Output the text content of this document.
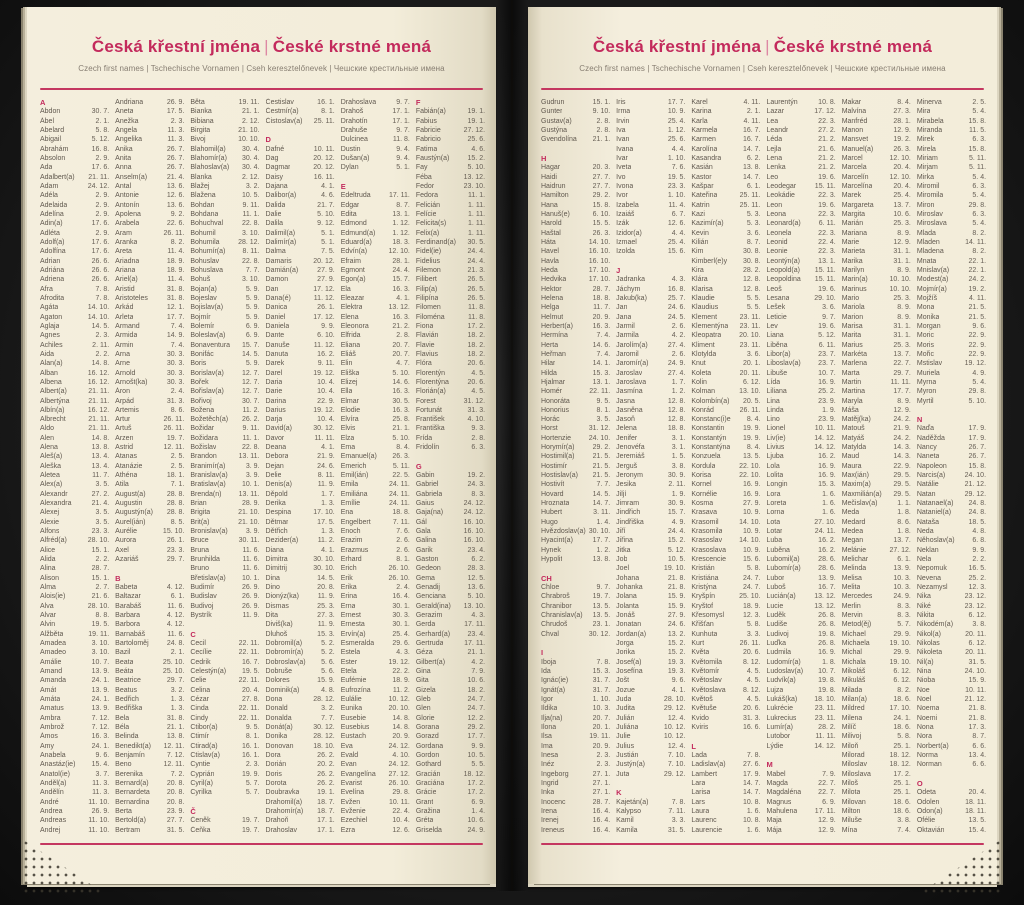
Česká křestní jména | České krstné mená
Czech first names | Tschechische Vornamen | Cseh keresztelőnevek | Чешские крестильные имена
A
Abdon	30. 7.
Ábel	2. 1.
Abelard	5. 8.
Abigail	5. 12.
Abrahám	16. 8.
Absolon	2. 9.
Ada	17. 6.
Adalbert(a) 21. 11.
Adam	24. 12.
Adéla	2. 9.
Adelaida	2. 9.
Adelína	2. 9.
Adin(a)	17. 6.
Adléta	2. 9.
Adolf(a)	17. 6.
Adolfína	17. 6.
Adrian	26. 6.
Adriána	26. 6.
Adriena	26. 6.
Afra	7. 8.
Afrodita	7. 8.
Agáta	14. 10.
Agaton	14. 10.
Aglaja	14. 5.
Agnes	2. 3.
Achiles	2. 11.
Aida	2. 2.
Alan(a)	14. 8.
Alban	16. 12.
Albena	16. 12.
Albert(a)	21. 11.
Albertýna	21. 11.
Albín(a)	16. 12.
Albrecht	21. 11.
Aldo	21. 11.
Alen	14. 8.
Alena	13. 8.
Aleš(a)	13. 4.
Aleška	13. 4.
Aletea	11. 7.
Alex(a)	3. 5.
Alexandr	27. 2.
Alexandra	21. 4.
Alexej	3. 5.
Alexie	3. 5.
Alfons	23. 3.
Alfréd(a)	28. 10.
Alice	15. 1.
Alida	2. 2.
Alina	28. 7.
Alison	15. 1.
Alma	2. 7.
Alois(ie)	21. 6.
Alva	28. 10.
Alvar	8. 8.
Alvin	19. 5.
Alžběta	19. 11.
Amadea	3. 10.
Amadeo	3. 10.
Amálie	10. 7.
Amand	13. 9.
Amanda	24. 1.
Amát	13. 9.
Amáta	24. 1.
Amatus	13. 9.
Ambra	7. 12.
Ambrož	7. 12.
Ámos	16. 3.
Amy	24. 1.
Anabela	9. 6.
Anastáz(ie) 15. 4.
Anatol(ie)	3. 7.
Anděl(a)	11. 3.
Andělín	11. 3.
André	11. 10.
Andrea	26. 9.
Andreas	11. 10.
Andrej	11. 10.
Andriana	26. 9.
Aneta	17. 5.
Anežka	2. 3.
Angela	11. 3.
Angelika	11. 3.
Anika	26. 7.
Anita	26. 7.
Anna	26. 7.
Anselm(a)	21. 4.
Antal	13. 6.
Antonie	12. 6.
Antonín	13. 6.
Apolena	9. 2.
Arabela	22. 6.
Aram	26. 11.
Aranka	8. 2.
Areta	11. 4.
Ariadna	18. 9.
Ariana	18. 9.
Ariel(a)	11. 4.
Aristid	31. 8.
Aristoteles	31. 8.
Arkád	12. 1.
Arleta	17. 7.
Armand	7. 4.
Armida	14. 9.
Armin	7. 4.
Arna	30. 3.
Arne	30. 3.
Arnold	30. 3.
Arnošt(ka)	30. 3.
Áron	2. 4.
Arpád	31. 3.
Artemis	8. 6.
Artur	26. 11.
Artuš	26. 11.
Arzen	19. 7.
Astrid	12. 11.
Atanas	2. 5.
Atanázie	2. 5.
Athéna	18. 1.
Atila	7. 1.
August(a)	28. 8.
Augustin	28. 8.
Augustýn(a) 28. 8.
Aurel(ián)	8. 5.
Aurélie	15. 10.
Aurora	26. 1.
Axel	23. 3.
Azariáš	29. 7.
B
Babeta	4. 12.
Baltazar	6. 1.
Barabáš	11. 6.
Barbara	4. 12.
Barbora	4. 12.
Barnabáš	11. 6.
Bartoloměj	24. 8.
Bazil	2. 1.
Beata	25. 10.
Beáta	25. 10.
Beatrice	29. 7.
Beatus	3. 2.
Bedřich	1. 3.
Bedřiška	1. 3.
Bela	31. 8.
Béla	21. 1.
Belinda	13. 8.
Benedikt(a) 12. 11.
Benjamín	7. 12.
Beno	12. 11.
Berenika	7. 2.
Bernard(a)	20. 8.
Bernardeta 20. 8.
Bernardina 20. 8.
Berta	23. 9.
Bertold(a)	27. 7.
Bertram	31. 5.
Běta	19. 11.
Bianka	21. 1.
Bibiana	2. 12.
Birgita	21. 10.
Bivoj	10. 10.
Blahomil(a) 30. 4.
Blahomír(a) 30. 4.
Blahoslav(a) 30. 4.
Blanka	2. 12.
Blažej	3. 2.
Blažena	10. 5.
Bohdan	9. 11.
Bohdana	11. 1.
Bohuchval	22. 8.
Bohumil	3. 10.
Bohumila	28. 12.
Bohumír(a) 8. 11.
Bohuslav	22. 8.
Bohuslava	7. 7.
Bohuš	3. 10.
Bojan(a)	5. 9.
Bojeslav	5. 9.
Bojislav(a)	5. 9.
Bojmír	5. 9.
Bolemír	6. 9.
Boleslav(a)	6. 9.
Bonaventura 15. 7.
Bonifác	14. 5.
Boris	5. 9.
Borislav(a)	12. 7.
Bořek	12. 7.
Bořislav(a)	12. 7.
Bořivoj	30. 7.
Božena	11. 2.
Božetěch(a) 26. 2.
Božidar	9. 11.
Božidara	11. 1.
Božislav	22. 8.
Brandon	13. 11.
Branimír(a)	3. 9.
Branislav(a)	3. 9.
Bratislav(a) 10. 1.
Brenda(n) 13. 11.
Brian	28. 9.
Brigita	21. 10.
Brit(a)	21. 10.
Bronislav(a)	3. 9.
Bruce	30. 11.
Bruna	11. 6.
Brunhilda	11. 6.
Bruno	11. 6.
Břetislav(a) 10. 1.
Budimír	26. 9.
Budislav	26. 9.
Budivoj	26. 9.
Bystrík	11. 9.
C
Cecil	22. 11.
Cecílie	22. 11.
Cedrik	16. 7.
Celestýn(a) 19. 5.
Celie	22. 11.
Celina	20. 4.
Cézar	27. 8.
Cinda	22. 11.
Cindy	22. 11.
Ctibor(a)	9. 5.
Ctimír	8. 1.
Ctirad(a)	16. 1.
Ctislav(a)	16. 1.
Cyntie	2. 3.
Cyprián	19. 9.
Cyril(a)	5. 7.
Cyrilka	5. 7.
Č
Čeněk	19. 7.
Čeňka	19. 7.
Čestislav	16. 1.
Čestmír(a)	8. 1.
Čistoslav(a) 25. 11.
D
Dafné	10. 11.
Dag	20. 12.
Dagmar	20. 12.
Daisy	16. 11.
Dajana	4. 1.
Dalibor(a)	4. 6.
Dalida	21. 7.
Dalie	5. 10.
Dalila	9. 12.
Dalimil(a)	5. 1.
Dalimír(a)	5. 1.
Dalma	7. 5.
Damaris	20. 12.
Damián(a)	27. 9.
Damon	27. 9.
Dan	17. 12.
Dana(é)	11. 12.
Danica	26. 1.
Daniel	17. 12.
Daniela	9. 9.
Dante	6. 10.
Danuše	11. 12.
Danuta	16. 2.
Darek	9. 11.
Darel	19. 12.
Daria	10. 4.
Darie	10. 4.
Darina	22. 9.
Darius	19. 12.
Darja	10. 4.
David(a)	30. 12.
Davor	11. 11.
Deana	4. 1.
Debora	21. 9.
Dejan	24. 6.
Delie	8. 11.
Denis(a)	11. 9.
Děpold	1. 7.
Derika	1. 3.
Despina	17. 10.
Dětmar	17. 5.
Dětřich	1. 3.
Dezider(a)	11. 2.
Diana	4. 1.
Dimitra	30. 10.
Dimitrij	30. 10.
Dina	14. 5.
Dino	20. 8.
Dionýz(ka)	11. 9.
Dismas	25. 3.
Dita	27. 3.
Diviš(ka)	11. 9.
Dluhoš	15. 3.
Dobromil(a)	5. 2.
Dobromír(a)	5. 2.
Dobroslav(a) 5. 6.
Dobruše	5. 6.
Dolores	15. 9.
Dominik(a)	4. 8.
Dona	28. 12.
Donald	3. 2.
Donalda	7. 7.
Donát(a)	30. 12.
Donika	28. 12.
Donovan	18. 10.
Dora	26. 2.
Dorián	20. 2.
Doris	26. 2.
Dorota	26. 2.
Doubravka	19. 1.
Drahomil(a) 18. 7.
Drahomír(a) 18. 7.
Drahoň	17. 1.
Drahoslav	17. 1.
Drahoslava	9. 7.
Drahoš	17. 1.
Drahotín	17. 1.
Drahuše	9. 7.
Dulcinea	11. 8.
Dustin	9. 4.
Dušan(a)	9. 4.
Dylan	5. 1.
E
Edeltruda	17. 11.
Edgar	8. 7.
Edita	13. 1.
Edmond	1. 12.
Edmund(a) 1. 12.
Eduard(a)	18. 3.
Edvín(a)	12. 10.
Efraim	28. 1.
Egmont	24. 4.
Egon(a)	15. 7.
Ela	16. 3.
Eleazar	4. 1.
Elektra	13. 12.
Elena	16. 3.
Eleonora	21. 2.
Elfrida	2. 8.
Eliana	20. 7.
Eliáš	20. 7.
Elin	4. 7.
Eliška	5. 10.
Elizej	14. 6.
Ella	16. 3.
Elmar	30. 5.
Elodie	16. 3.
Elvíra	25. 8.
Elvis	21. 1.
Elza	5. 10.
Ema	8. 4.
Emanuel(a) 26. 3.
Emerich	5. 11.
Emil(ián)	22. 5.
Emila	24. 11.
Emiliána	24. 11.
Emílie	24. 11.
Ena	18. 8.
Engelbert	7. 11.
Enoch	7. 6.
Erazim	2. 6.
Erazmus	2. 6.
Erhard	8. 1.
Erich	26. 10.
Erik	26. 10.
Erika	2. 4.
Erina	16. 4.
Erna	30. 1.
Ernest	30. 3.
Ernesta	30. 1.
Ervín(a)	25. 4.
Esmeralda	29. 6.
Estela	4. 3.
Ester	19. 12.
Etela	22. 2.
Eufémie	18. 9.
Eufrozína	11. 2.
Eulálie	10. 12.
Eunika	20. 10.
Eusebie	14. 8.
Eusebius	14. 8.
Eustach	20. 9.
Eva	24. 12.
Evald	4. 10.
Evan	24. 12.
Evangelína 27. 12.
Evarist	26. 10.
Evelína	29. 8.
Evžen	10. 11.
Evženie	22. 4.
Ezechiel	10. 4.
Ezra	12. 6.
F
Fabián(a)	19. 1.
Fabius	19. 1.
Fabricie	27. 12.
Fabricio	25. 6.
Fatima	4. 6.
Faustýn(a)	15. 2.
Fay	5. 10.
Féba	13. 12.
Fedor	23. 10.
Fedora	11. 1.
Felicián	1. 11.
Felície	1. 11.
Felicita(s)	1. 11.
Felix(a)	1. 11.
Ferdinand(a) 30. 5.
Fidel(ie)	24. 4.
Fidelius	24. 4.
Filemon	21. 3.
Filibert	26. 5.
Filip(a)	26. 5.
Filipína	26. 5.
Filomen	11. 8.
Filoména	11. 8.
Fiona	17. 2.
Flavián	18. 2.
Flavie	18. 2.
Flavius	18. 2.
Flóra	20. 6.
Florentýn	4. 5.
Florentýna	20. 6.
Florián(a)	4. 5.
Forest	31. 12.
Fortunát	31. 3.
František	4. 10.
Františka	9. 3.
Frída	2. 8.
Fridolín	6. 3.
G
Gabin	19. 2.
Gabriel	24. 3.
Gabriela	8. 3.
Gaius	24. 12.
Gaja(na)	24. 12.
Gál	16. 10.
Gala	16. 10.
Galina	16. 10.
Garik	23. 4.
Gaston	6. 2.
Gedeon	28. 3.
Gema	12. 5.
Genadij	13. 6.
Genciana	5. 10.
Gerald(ina) 13. 10.
Gerazim	4. 3.
Gerda	17. 11.
Gerhard(a) 23. 4.
Gertruda	17. 11.
Géza	21. 1.
Gilbert(a)	4. 2.
Gina	7. 9.
Gita	10. 6.
Gizela	18. 2.
Gleb	24. 7.
Glen	24. 7.
Glorie	12. 2.
Gorana	29. 2.
Gorazd	17. 7.
Gordana	9. 9.
Gordon	10. 5.
Gothard	5. 5.
Gracián	18. 12.
Graciána	17. 2.
Grácie	17. 2.
Grant	6. 9.
Gražina	1. 4.
Gréta	10. 6.
Griselda	24. 9.
Česká křestní jména | České krstné mená
Czech first names | Tschechische Vornamen | Cseh keresztelőnevek | Чешские крестильные имена
Gudrun	15. 1.
Gunter	9. 10.
Gustav(a)	2. 8.
Gustýna	2. 8.
Gvendolína 21. 1.
H
Hagar	20. 3.
Haidi	27. 7.
Haidrun	27. 7.
Hamilton	29. 2.
Hana	15. 8.
Hanuš(e)	6. 10.
Harold	15. 5.
Haštal	26. 3.
Háta	14. 10.
Havel	16. 10.
Havla	16. 10.
Heda	17. 10.
Hedvika	17. 10.
Hektor	28. 7.
Helena	18. 8.
Helga	11. 7.
Helmut	20. 9.
Herbert(a)	16. 3.
Hermína	7. 4.
Herta	14. 6.
Heřman	7. 4.
Hilar	14. 1.
Hilda	15. 3.
Hjalmar	13. 1.
Homér	22. 11.
Honoráta	9. 5.
Honorius	8. 1.
Horác	3. 5.
Horst	31. 12.
Hortenzie	24. 10.
Horymír(a)	29. 2.
Hostimil(a)	21. 5.
Hostimír	21. 5.
Hostislav(a) 21. 5.
Hostivít	7. 7.
Hovard	14. 5.
Hroznata	14. 7.
Hubert	3. 11.
Hugo	1. 4.
Hvězdoslav(a) 30. 10.
Hyacint(a)	17. 7.
Hynek	1. 2.
Hypolit	13. 8.
CH
Chloe	9. 7.
Chrabroš	19. 7.
Chranibor	13. 5.
Chranislav(a) 13. 5.
Chrudoš	23. 1.
Chval	30. 12.
I
Iboja	7. 8.
Ida	15. 3.
Ignác(ie)	31. 7.
Ignát(a)	31. 7.
Igor	1. 10.
Ildika	10. 3.
Ilja(na)	20. 7.
Ilona	20. 1.
Ilsa	19. 11.
Ima	20. 9.
Inesa	2. 3.
Inéz	2. 3.
Ingeborg	27. 1.
Ingrid	27. 1.
Inka	27. 1.
Inocenc	28. 7.
Irena	16. 4.
Irenej	16. 4.
Ireneus	16. 4.
Iris	17. 7.
Irma	10. 9.
Irvin	25. 4.
Iva	1. 12.
Ivan	25. 6.
Ivana	4. 4.
Ivar	1. 10.
Iveta	7. 6.
Ivo	19. 5.
Ivona	23. 3.
Ivor	1. 10.
Izabela	11. 4.
Izaiáš	6. 7.
Izák	12. 6.
Izidor(a)	4. 4.
Izmael	25. 4.
Izolda	15. 6.
J
Jadranka	4. 3.
Jáchym	16. 8.
Jakub(ka)	25. 7.
Jan	24. 6.
Jana	24. 5.
Jarmil	2. 6.
Jarmila	4. 2.
Jarolím(a)	27. 4.
Jaromil	2. 6.
Jaromír(a)	24. 9.
Jaroslav	27. 4.
Jaroslava	1. 7.
Jasmína	1. 2.
Jasna	12. 8.
Jasněna	12. 8.
Jasoň	12. 8.
Jelena	18. 8.
Jenifer	3. 1.
Jenovéfa	3. 1.
Jeremiáš	1. 5.
Jerguš	3. 8.
Jeronym	30. 9.
Jesika	2. 11.
Jiljí	1. 9.
Jimram	30. 9.
Jindřich	15. 7.
Jindřiška	4. 9.
Jiří	24. 4.
Jiřina	15. 2.
Jitka	5. 12.
Job	10. 5.
Joel	19. 10.
Johana	21. 8.
Johanka	21. 8.
Jolana	15. 9.
Jolanta	15. 9.
Jonáš	27. 9.
Jonatan	24. 6.
Jordan(a)	13. 2.
Jorga	15. 2.
Jorika	15. 2.
Josef(a)	19. 3.
Josefína	19. 3.
Jošt	9. 6.
Jozue	4. 1.
Juda	28. 10.
Judita	29. 12.
Julián	12. 4.
Juliána	10. 12.
Julie	10. 12.
Julius	12. 4.
Justián	7. 10.
Justýn(a)	7. 10.
Juta	29. 12.
K
Kajetán(a)	7. 8.
Kalypso	7. 11.
Kamil	3. 3.
Kamila	31. 5.
Karel	4. 11.
Karina	2. 1.
Karla	4. 11.
Karmela	16. 7.
Karmen	16. 7.
Karolína	14. 7.
Kasandra	6. 2.
Kasián	13. 8.
Kastor	14. 7.
Kašpar	6. 1.
Kateřina	25. 11.
Katrin	25. 11.
Kazi	5. 3.
Kazimír(a)	5. 3.
Kevin	3. 6.
Kilián	8. 7.
Kim	30. 8.
Kimberl(e)y 30. 8.
Kira	28. 2.
Klára	12. 8.
Klarisa	12. 8.
Klaudie	5. 5.
Klaudius	5. 5.
Klement	23. 11.
Klementýna 23. 11.
Kleopatra	20. 10.
Kliment	23. 11.
Klotylda	3. 6.
Knut	20. 1.
Koleta	20. 11.
Kolin	6. 12.
Kolman	13. 10.
Kolombín(a) 20. 5.
Konrád	26. 11.
Konstanc(i)e 8. 4.
Konstantin	19. 9.
Konstantýn 19. 9.
Konstantýna 8. 4.
Konzuela	13. 5.
Kordula	22. 10.
Korisa	22. 10.
Kornel	16. 9.
Kornélie	16. 9.
Kosma	27. 9.
Krasava	10. 9.
Krasomil	14. 10.
Krasomila	10. 9.
Krasoslav 14. 10.
Krasoslava 10. 9.
Krescencie 15. 6.
Kristián	5. 8.
Kristiána	24. 7.
Kristýna	24. 7.
Kryšpín	25. 10.
Kryštof	18. 9.
Křesomysl	12. 3.
Křišťan	5. 8.
Kunhuta	3. 3.
Kurt	26. 11.
Květa	20. 6.
Květomila	8. 12.
Květomír	4. 5.
Květoslav	4. 5.
Květoslava 8. 12.
Květoš	4. 5.
Květuše	20. 6.
Kvido	31. 3.
Kviris	16. 6.
L
Lada	7. 8.
Ladislav(a) 27. 6.
Lambert	17. 9.
Lara	14. 7.
Larisa	14. 7.
Lars	10. 8.
Laura	1. 6.
Laurenc	10. 8.
Laurencie	1. 6.
Laurentýn	10. 8.
Lazar	17. 12.
Lea	22. 3.
Leandr	27. 2.
Léda	21. 2.
Lejla	21. 6.
Lena	21. 2.
Lenka	21. 2.
Leo	19. 6.
Leodegar	15. 11.
Leokádie	22. 3.
Leon	19. 6.
Leona	22. 3.
Leonard(a)	6. 11.
Leonela	22. 3.
Leonid	22. 4.
Leonie	22. 3.
Leontýn(a)	13. 1.
Leopold(a) 15. 11.
Leopoldina 15. 11.
Leoš	19. 6.
Lesana	29. 10.
Lešek	3. 6.
Leticie	9. 7.
Lev	19. 6.
Liana	5. 12.
Liběna	6. 11.
Libor(a)	23. 7.
Liboslav(a) 23. 7.
Libuše	10. 7.
Lída	16. 9.
Liliana	25. 2.
Lina	23. 9.
Linda	1. 9.
Lino	23. 9.
Lionel	10. 11.
Liv(ie)	14. 12.
Livius	14. 12.
Ljuba	16. 2.
Lola	16. 9.
Lolita	16. 9.
Longin	15. 3.
Lora	1. 6.
Loreta	1. 6.
Lorna	1. 6.
Lota	27. 10.
Lotar	24. 11.
Luba	16. 2.
Luběna	16. 2.
Lubomil(a)	28. 6.
Lubomír(a) 28. 6.
Lubor	13. 9.
Luboš	16. 7.
Lucián(a)	13. 12.
Lucie	13. 12.
Luděk	26. 8.
Ludiše	26. 8.
Ludivoj	19. 8.
Luďka	26. 8.
Ludmila	16. 9.
Ludomír(a)	1. 8.
Ludoslav(a) 10. 7.
Ludvík(a)	19. 8.
Lujza	19. 8.
Lukáš(ka) 18. 10.
Lukrécie	23. 11.
Lukrecius	23. 11.
Lumír(a)	28. 2.
Lutobor	11. 11.
Lýdie	14. 12.
M
Mabel	7. 9.
Magda	22. 7.
Magdaléna 22. 7.
Magnus	6. 9.
Mahulena	17. 11.
Maja	12. 9.
Mája	12. 9.
Makar	8. 4.
Malvína	27. 3.
Manfréd	28. 1.
Manon	12. 9.
Mansvet	19. 2.
Manuel(a)	26. 3.
Marcel	12. 10.
Marcela	20. 4.
Marcelín	12. 10.
Marcelína	20. 4.
Marek	25. 4.
Margareta	13. 7.
Margita	10. 6.
Marián	25. 3.
Mariana	8. 9.
Marie	12. 9.
Marieta	31. 1.
Marika	31. 1.
Marilyn	8. 9.
Marin(a)	10. 10.
Marinus	10. 10.
Mario	25. 3.
Mariola	8. 9.
Marion	8. 9.
Marisa	31. 1.
Marita	31. 1.
Marius	25. 3.
Markéta	13. 7.
Marlena	22. 7.
Marta	29. 7.
Martin	11. 11.
Martina	17. 7.
Maryla	8. 9.
Máša	12. 9.
Matěj(ka)	24. 2.
Matouš	21. 9.
Matyáš	24. 2.
Matylda	14. 3.
Maud	14. 3.
Maura	22. 9.
Max(ián)	29. 5.
Maxim(a)	29. 5.
Maxmilián(a) 29. 5.
Mečislav(a)	1. 1.
Meda	1. 8.
Medard	8. 6.
Medea	1. 8.
Megan	13. 7.
Melánie	27. 12.
Melichar	6. 1.
Melinda	13. 9.
Melisa	10. 3.
Melita	10. 3.
Mercedes	24. 9.
Merlin	8. 3.
Mervin	8. 3.
Metod(ěj)	5. 7.
Michael	29. 9.
Michaela	19. 10.
Michal	29. 9.
Michala	19. 10.
Mikoláš	6. 12.
Mikuláš	6. 12.
Milada	8. 2.
Milan(a)	18. 6.
Mildred	17. 10.
Milena	24. 1.
Milíč	18. 6.
Milivoj	5. 8.
Miloň	25. 1.
Milorad	18. 12.
Miloslav	18. 12.
Miloslava	17. 2.
Miloš	25. 1.
Milota	25. 1.
Milovan	18. 6.
Milton	18. 6.
Miluše	3. 8.
Mína	7. 4.
Minerva	2. 5.
Mira	5. 4.
Mirabela	15. 8.
Miranda	11. 5.
Mirek	6. 3.
Mirela	15. 8.
Miriam	5. 11.
Mirjam	5. 11.
Mirka	5. 4.
Miromil	6. 3.
Miromila	5. 4.
Miron	29. 8.
Miroslav	6. 3.
Miroslava	5. 4.
Mlada	8. 2.
Mladen	14. 11.
Mladena	8. 2.
Mnata	22. 1.
Mnislav(a)	22. 1.
Modest(a)	24. 2.
Mojmír(a)	19. 2.
Mojžíš	4. 11.
Mona	21. 5.
Monika	21. 5.
Morgan	9. 6.
Moric	22. 9.
Moris	22. 9.
Mořic	22. 9.
Mstislav	19. 12.
Muriela	4. 9.
Myrna	5. 4.
Myron	29. 8.
Myrtil	5. 10.
N
Naďa	17. 9.
Naděžda	17. 9.
Nancy	26. 7.
Naneta	26. 7.
Napoleon	15. 8.
Narcis(a)	24. 10.
Natálie	21. 12.
Natan	29. 12.
Natanael(a) 24. 8.
Nataniel(a) 24. 8.
Nataša	18. 5.
Neda	4. 8.
Něhoslav(a)	6. 8.
Neklan	9. 9.
Nela	2. 2.
Nepomuk	16. 5.
Nevena	25. 2.
Nezamysl	12. 3.
Nika	23. 12.
Niké	23. 12.
Nikita	6. 12.
Nikodém(a)	3. 8.
Nikol(a)	20. 11.
Nikolas	6. 12.
Nikoleta	20. 11.
Nil(a)	31. 5.
Nina	24. 10.
Nioba	15. 9.
Noe	10. 11.
Noel	21. 12.
Noema	21. 8.
Noemi	21. 8.
Nona	17. 3.
Nora	8. 7.
Norbert(a)	6. 6.
Norma	13. 4.
Norman	6. 6.
O
Odeta	20. 4.
Odolen	18. 11.
Odon(a)	18. 11.
Ofélie	13. 5.
Oktavián	15. 4.
